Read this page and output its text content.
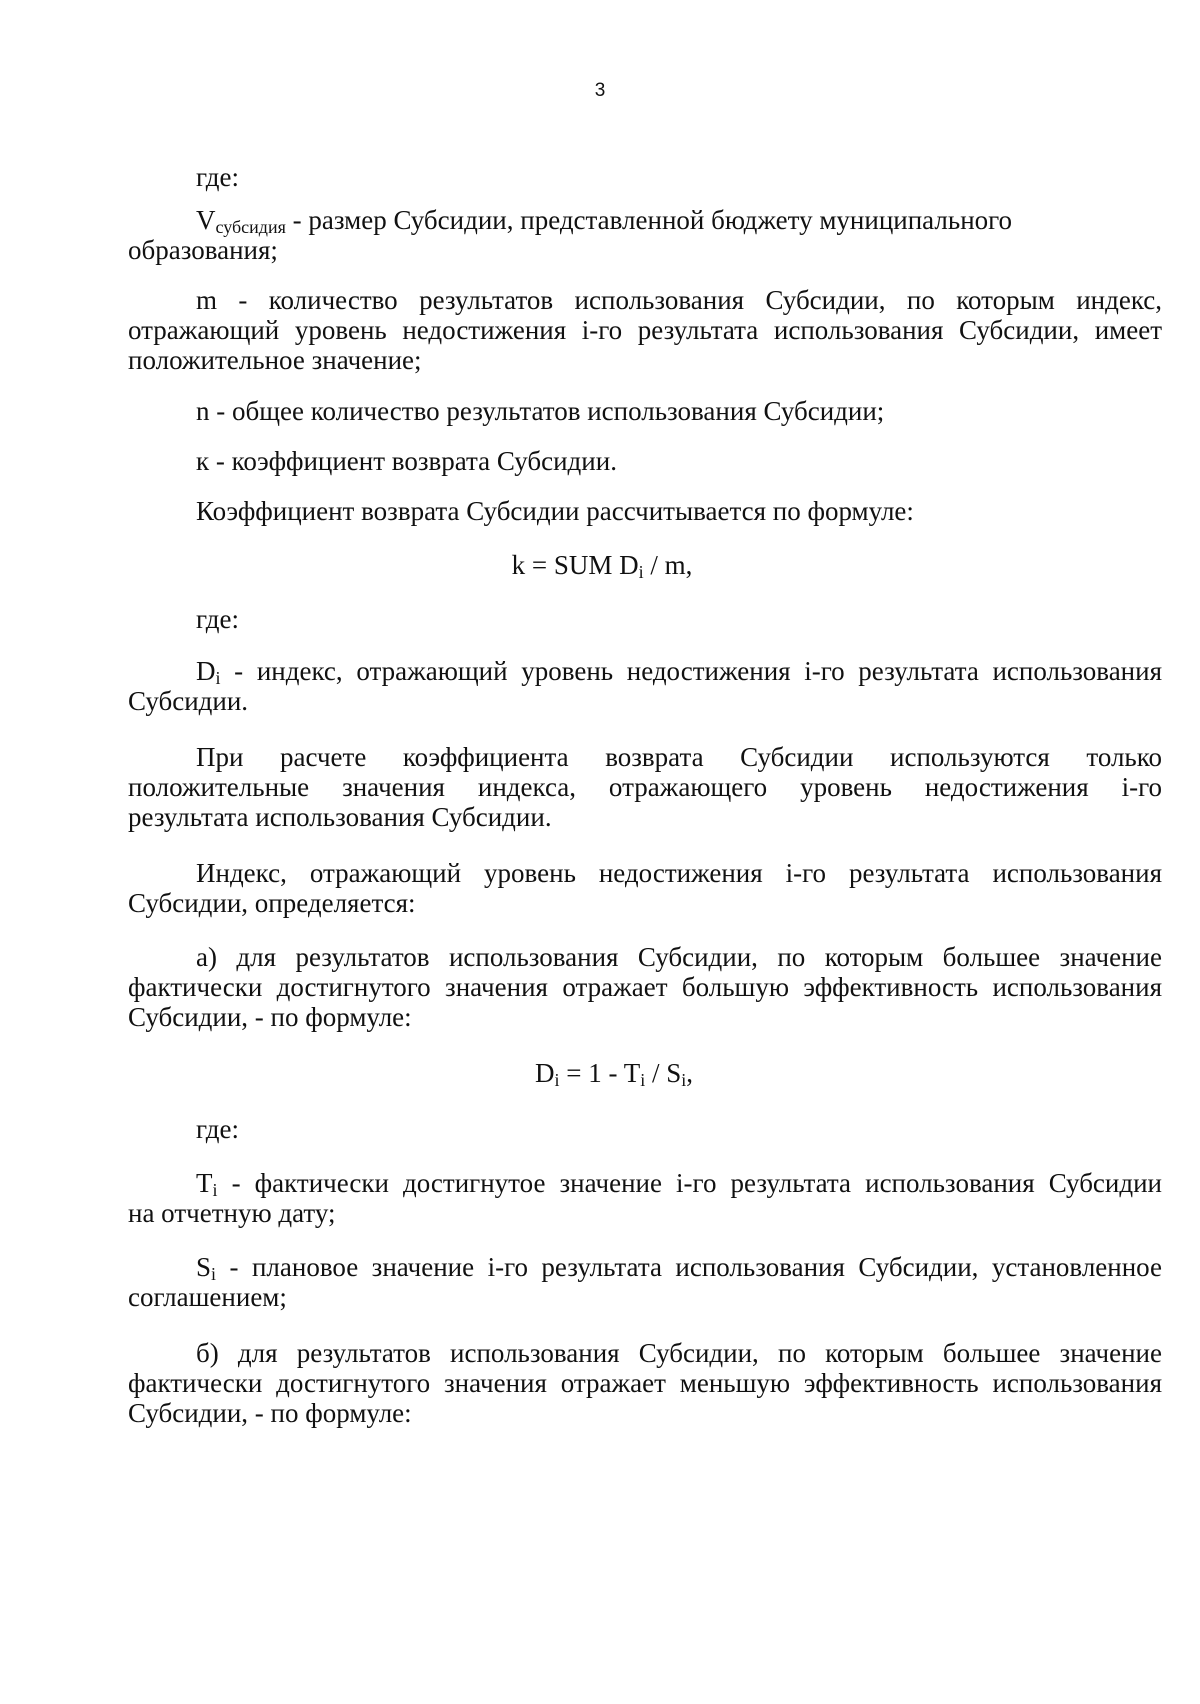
3
где:
$V_{субсидия}$ - размер Субсидии, представленной бюджету муниципального
образования;
m - количество результатов использования Субсидии, по которым индекс,
отражающий уровень недостижения i-го результата использования Субсидии, имеет
положительное значение;
n - общее количество результатов использования Субсидии;
к - коэффициент возврата Субсидии.
Коэффициент возврата Субсидии рассчитывается по формуле:
k = SUM $D_i$ / m,
где:
$D_i$ - индекс, отражающий уровень недостижения i-го результата использования
Субсидии.
При расчете коэффициента возврата Субсидии используются только
положительные значения индекса, отражающего уровень недостижения i-го
результата использования Субсидии.
Индекс, отражающий уровень недостижения i-го результата использования
Субсидии, определяется:
а) для результатов использования Субсидии, по которым большее значение
фактически достигнутого значения отражает большую эффективность использования
Субсидии, - по формуле:
$D_i = 1 - T_i / S_i$,
где:
$T_i$ - фактически достигнутое значение i-го результата использования Субсидии
на отчетную дату;
$S_i$ - плановое значение i-го результата использования Субсидии, установленное
соглашением;
б) для результатов использования Субсидии, по которым большее значение
фактически достигнутого значения отражает меньшую эффективность использования
Субсидии, - по формуле:
